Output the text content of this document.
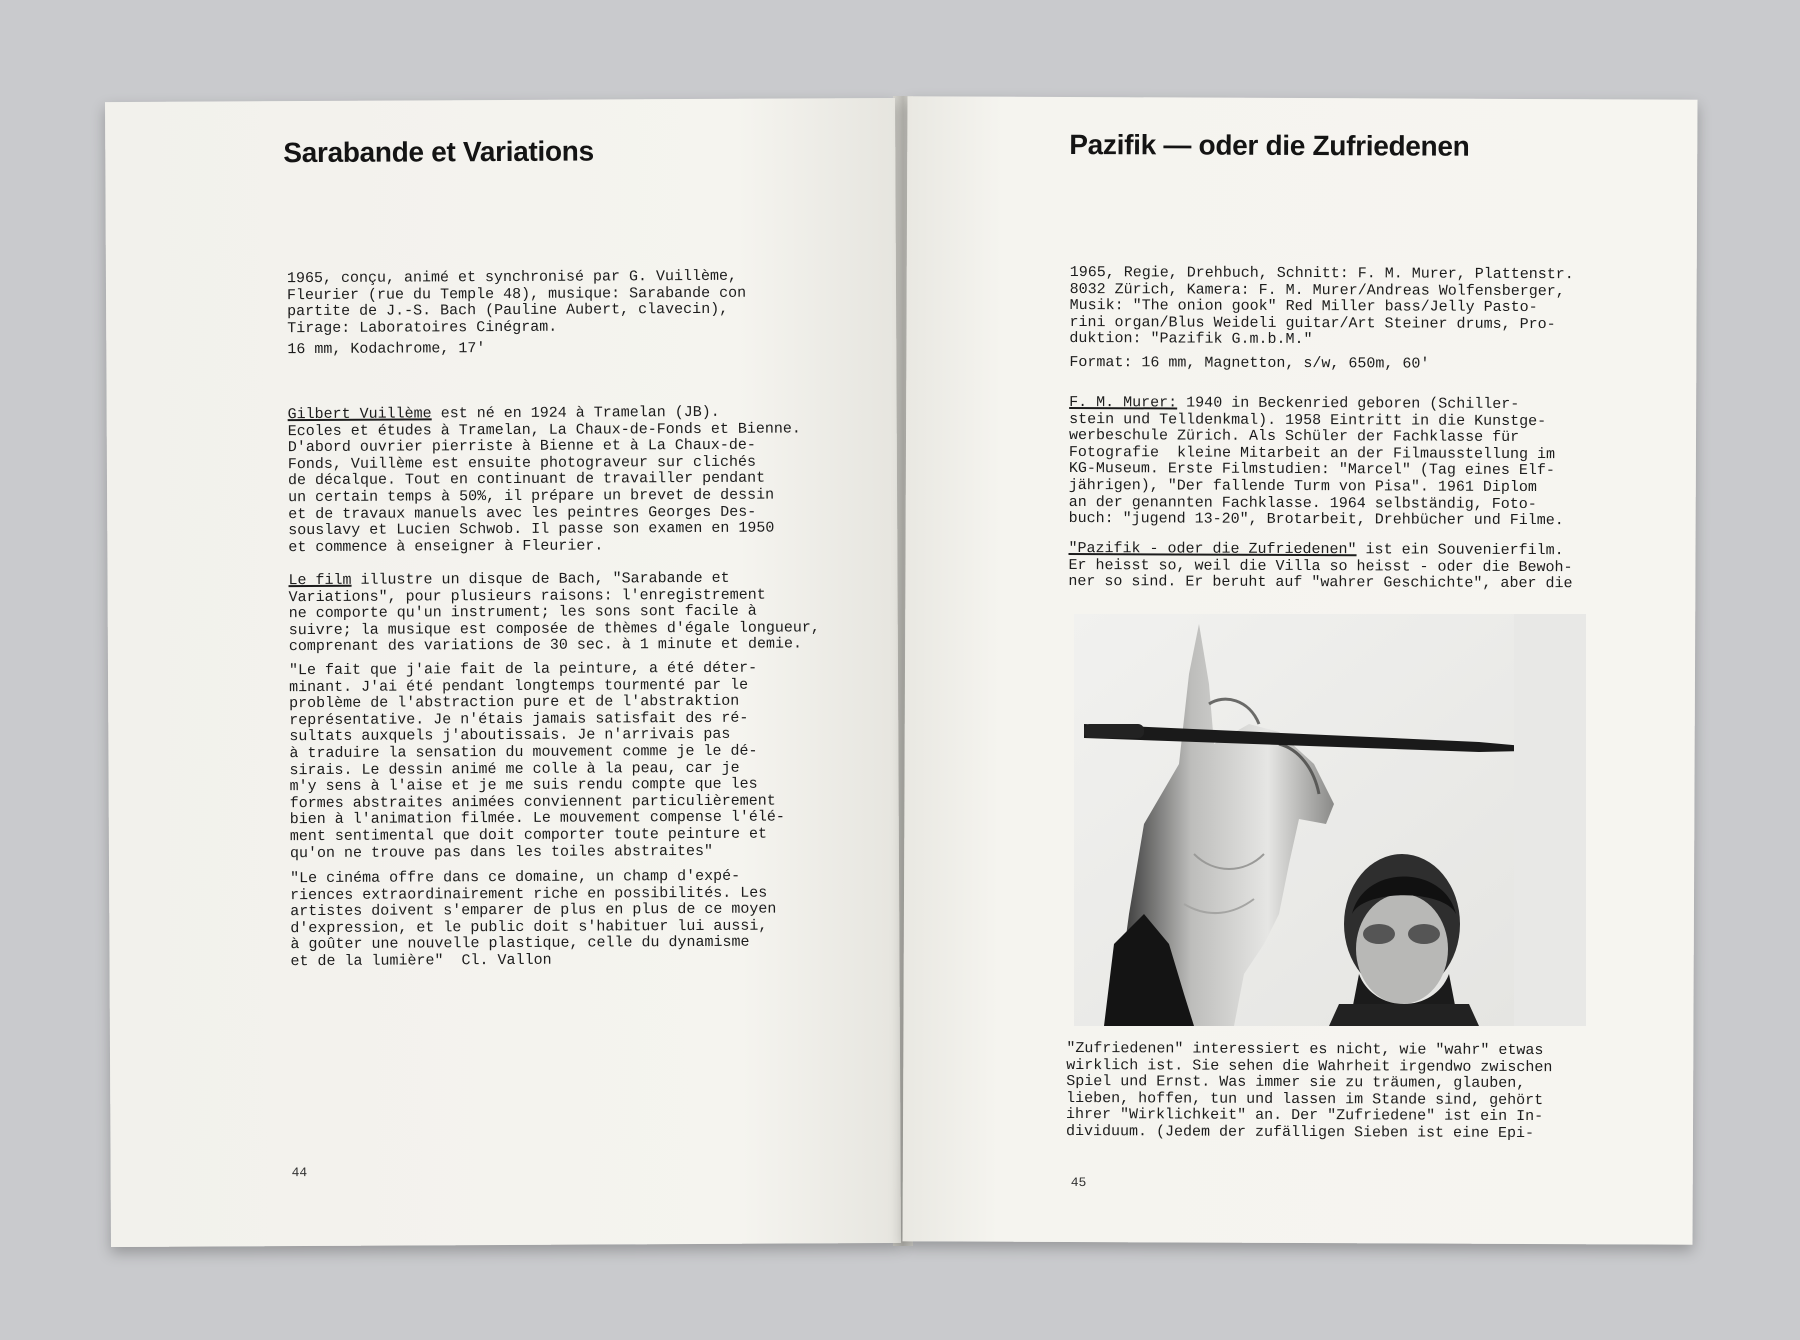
Sarabande et Variations
1965, conçu, animé et synchronisé par G. Vuillème,
Fleurier (rue du Temple 48), musique: Sarabande con
partite de J.-S. Bach (Pauline Aubert, clavecin),
Tirage: Laboratoires Cinégram.
16 mm, Kodachrome, 17'
Gilbert Vuillème est né en 1924 à Tramelan (JB).
Ecoles et études à Tramelan, La Chaux-de-Fonds et Bienne.
D'abord ouvrier pierriste à Bienne et à La Chaux-de-
Fonds, Vuillème est ensuite photograveur sur clichés
de décalque. Tout en continuant de travailler pendant
un certain temps à 50%, il prépare un brevet de dessin
et de travaux manuels avec les peintres Georges Des-
souslavy et Lucien Schwob. Il passe son examen en 1950
et commence à enseigner à Fleurier.
Le film illustre un disque de Bach, "Sarabande et
Variations", pour plusieurs raisons: l'enregistrement
ne comporte qu'un instrument; les sons sont facile à
suivre; la musique est composée de thèmes d'égale longueur,
comprenant des variations de 30 sec. à 1 minute et demie.
"Le fait que j'aie fait de la peinture, a été déter-
minant. J'ai été pendant longtemps tourmenté par le
problème de l'abstraction pure et de l'abstraktion
représentative. Je n'étais jamais satisfait des ré-
sultats auxquels j'aboutissais. Je n'arrivais pas
à traduire la sensation du mouvement comme je le dé-
sirais. Le dessin animé me colle à la peau, car je
m'y sens à l'aise et je me suis rendu compte que les
formes abstraites animées conviennent particulièrement
bien à l'animation filmée. Le mouvement compense l'élé-
ment sentimental que doit comporter toute peinture et
qu'on ne trouve pas dans les toiles abstraites"
"Le cinéma offre dans ce domaine, un champ d'expé-
riences extraordinairement riche en possibilités. Les
artistes doivent s'emparer de plus en plus de ce moyen
d'expression, et le public doit s'habituer lui aussi,
à goûter une nouvelle plastique, celle du dynamisme
et de la lumière"  Cl. Vallon
44
Pazifik — oder die Zufriedenen
1965, Regie, Drehbuch, Schnitt: F. M. Murer, Plattenstr.
8032 Zürich, Kamera: F. M. Murer/Andreas Wolfensberger,
Musik: "The onion gook" Red Miller bass/Jelly Pasto-
rini organ/Blus Weideli guitar/Art Steiner drums, Pro-
duktion: "Pazifik G.m.b.M."
Format: 16 mm, Magnetton, s/w, 650m, 60'
F. M. Murer: 1940 in Beckenried geboren (Schiller-
stein und Telldenkmal). 1958 Eintritt in die Kunstge-
werbeschule Zürich. Als Schüler der Fachklasse für
Fotografie  kleine Mitarbeit an der Filmausstellung im
KG-Museum. Erste Filmstudien: "Marcel" (Tag eines Elf-
jährigen), "Der fallende Turm von Pisa". 1961 Diplom
an der genannten Fachklasse. 1964 selbständig, Foto-
buch: "jugend 13-20", Brotarbeit, Drehbücher und Filme.
"Pazifik - oder die Zufriedenen" ist ein Souvenierfilm.
Er heisst so, weil die Villa so heisst - oder die Bewoh-
ner so sind. Er beruht auf "wahrer Geschichte", aber die
"Zufriedenen" interessiert es nicht, wie "wahr" etwas
wirklich ist. Sie sehen die Wahrheit irgendwo zwischen
Spiel und Ernst. Was immer sie zu träumen, glauben,
lieben, hoffen, tun und lassen im Stande sind, gehört
ihrer "Wirklichkeit" an. Der "Zufriedene" ist ein In-
dividuum. (Jedem der zufälligen Sieben ist eine Epi-
45
